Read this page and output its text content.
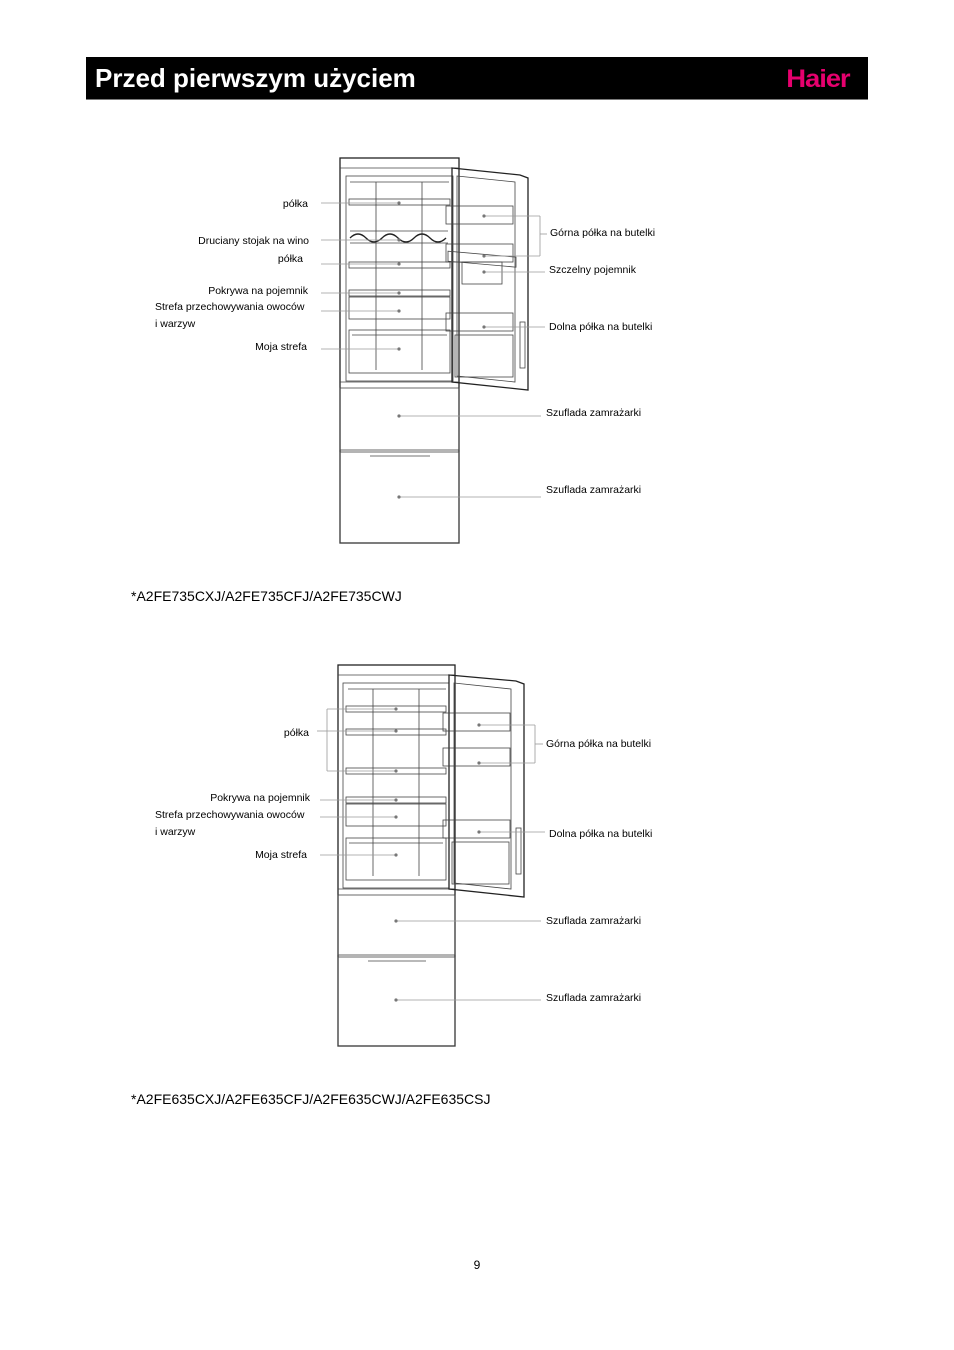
Przed pierwszym użyciem	Haier
półka
Druciany stojak na wino
półka
Pokrywa na pojemnik
Strefa przechowywania owoców
i warzyw
Moja strefa
Górna półka na butelki
Szczelny pojemnik
Dolna półka na butelki
Szuflada zamrażarki
Szuflada zamrażarki
półka
Pokrywa na pojemnik
Strefa przechowywania owoców
i warzyw
Moja strefa
Górna półka na butelki
Dolna półka na butelki
Szuflada zamrażarki
Szuflada zamrażarki
*A2FE735CXJ/A2FE735CFJ/A2FE735CWJ
*A2FE635CXJ/A2FE635CFJ/A2FE635CWJ/A2FE635CSJ
9
